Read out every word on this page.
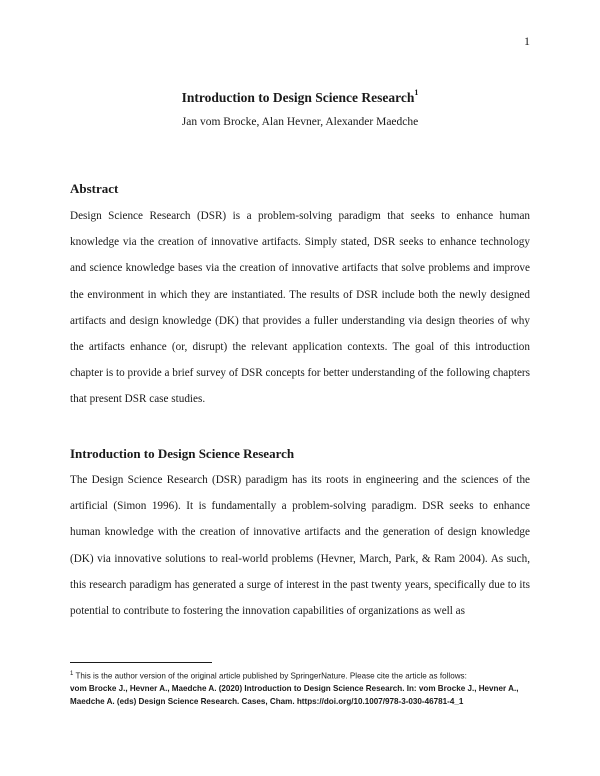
1
Introduction to Design Science Research$^1$
Jan vom Brocke, Alan Hevner, Alexander Maedche
Abstract

Design Science Research (DSR) is a problem-solving paradigm that seeks to enhance human knowledge via the creation of innovative artifacts. Simply stated, DSR seeks to enhance technology and science knowledge bases via the creation of innovative artifacts that solve problems and improve the environment in which they are instantiated. The results of DSR include both the newly designed artifacts and design knowledge (DK) that provides a fuller understanding via design theories of why the artifacts enhance (or, disrupt) the relevant application contexts. The goal of this introduction chapter is to provide a brief survey of DSR concepts for better understanding of the following chapters that present DSR case studies.

Introduction to Design Science Research

The Design Science Research (DSR) paradigm has its roots in engineering and the sciences of the artificial (Simon 1996). It is fundamentally a problem-solving paradigm. DSR seeks to enhance human knowledge with the creation of innovative artifacts and the generation of design knowledge (DK) via innovative solutions to real-world problems (Hevner, March, Park, & Ram 2004). As such, this research paradigm has generated a surge of interest in the past twenty years, specifically due to its potential to contribute to fostering the innovation capabilities of organizations as well as

$^1$ This is the author version of the original article published by SpringerNature. Please cite the article as follows:
vom Brocke J., Hevner A., Maedche A. (2020) Introduction to Design Science Research. In: vom Brocke J., Hevner A., Maedche A. (eds) Design Science Research. Cases, Cham. https://doi.org/10.1007/978-3-030-46781-4_1
